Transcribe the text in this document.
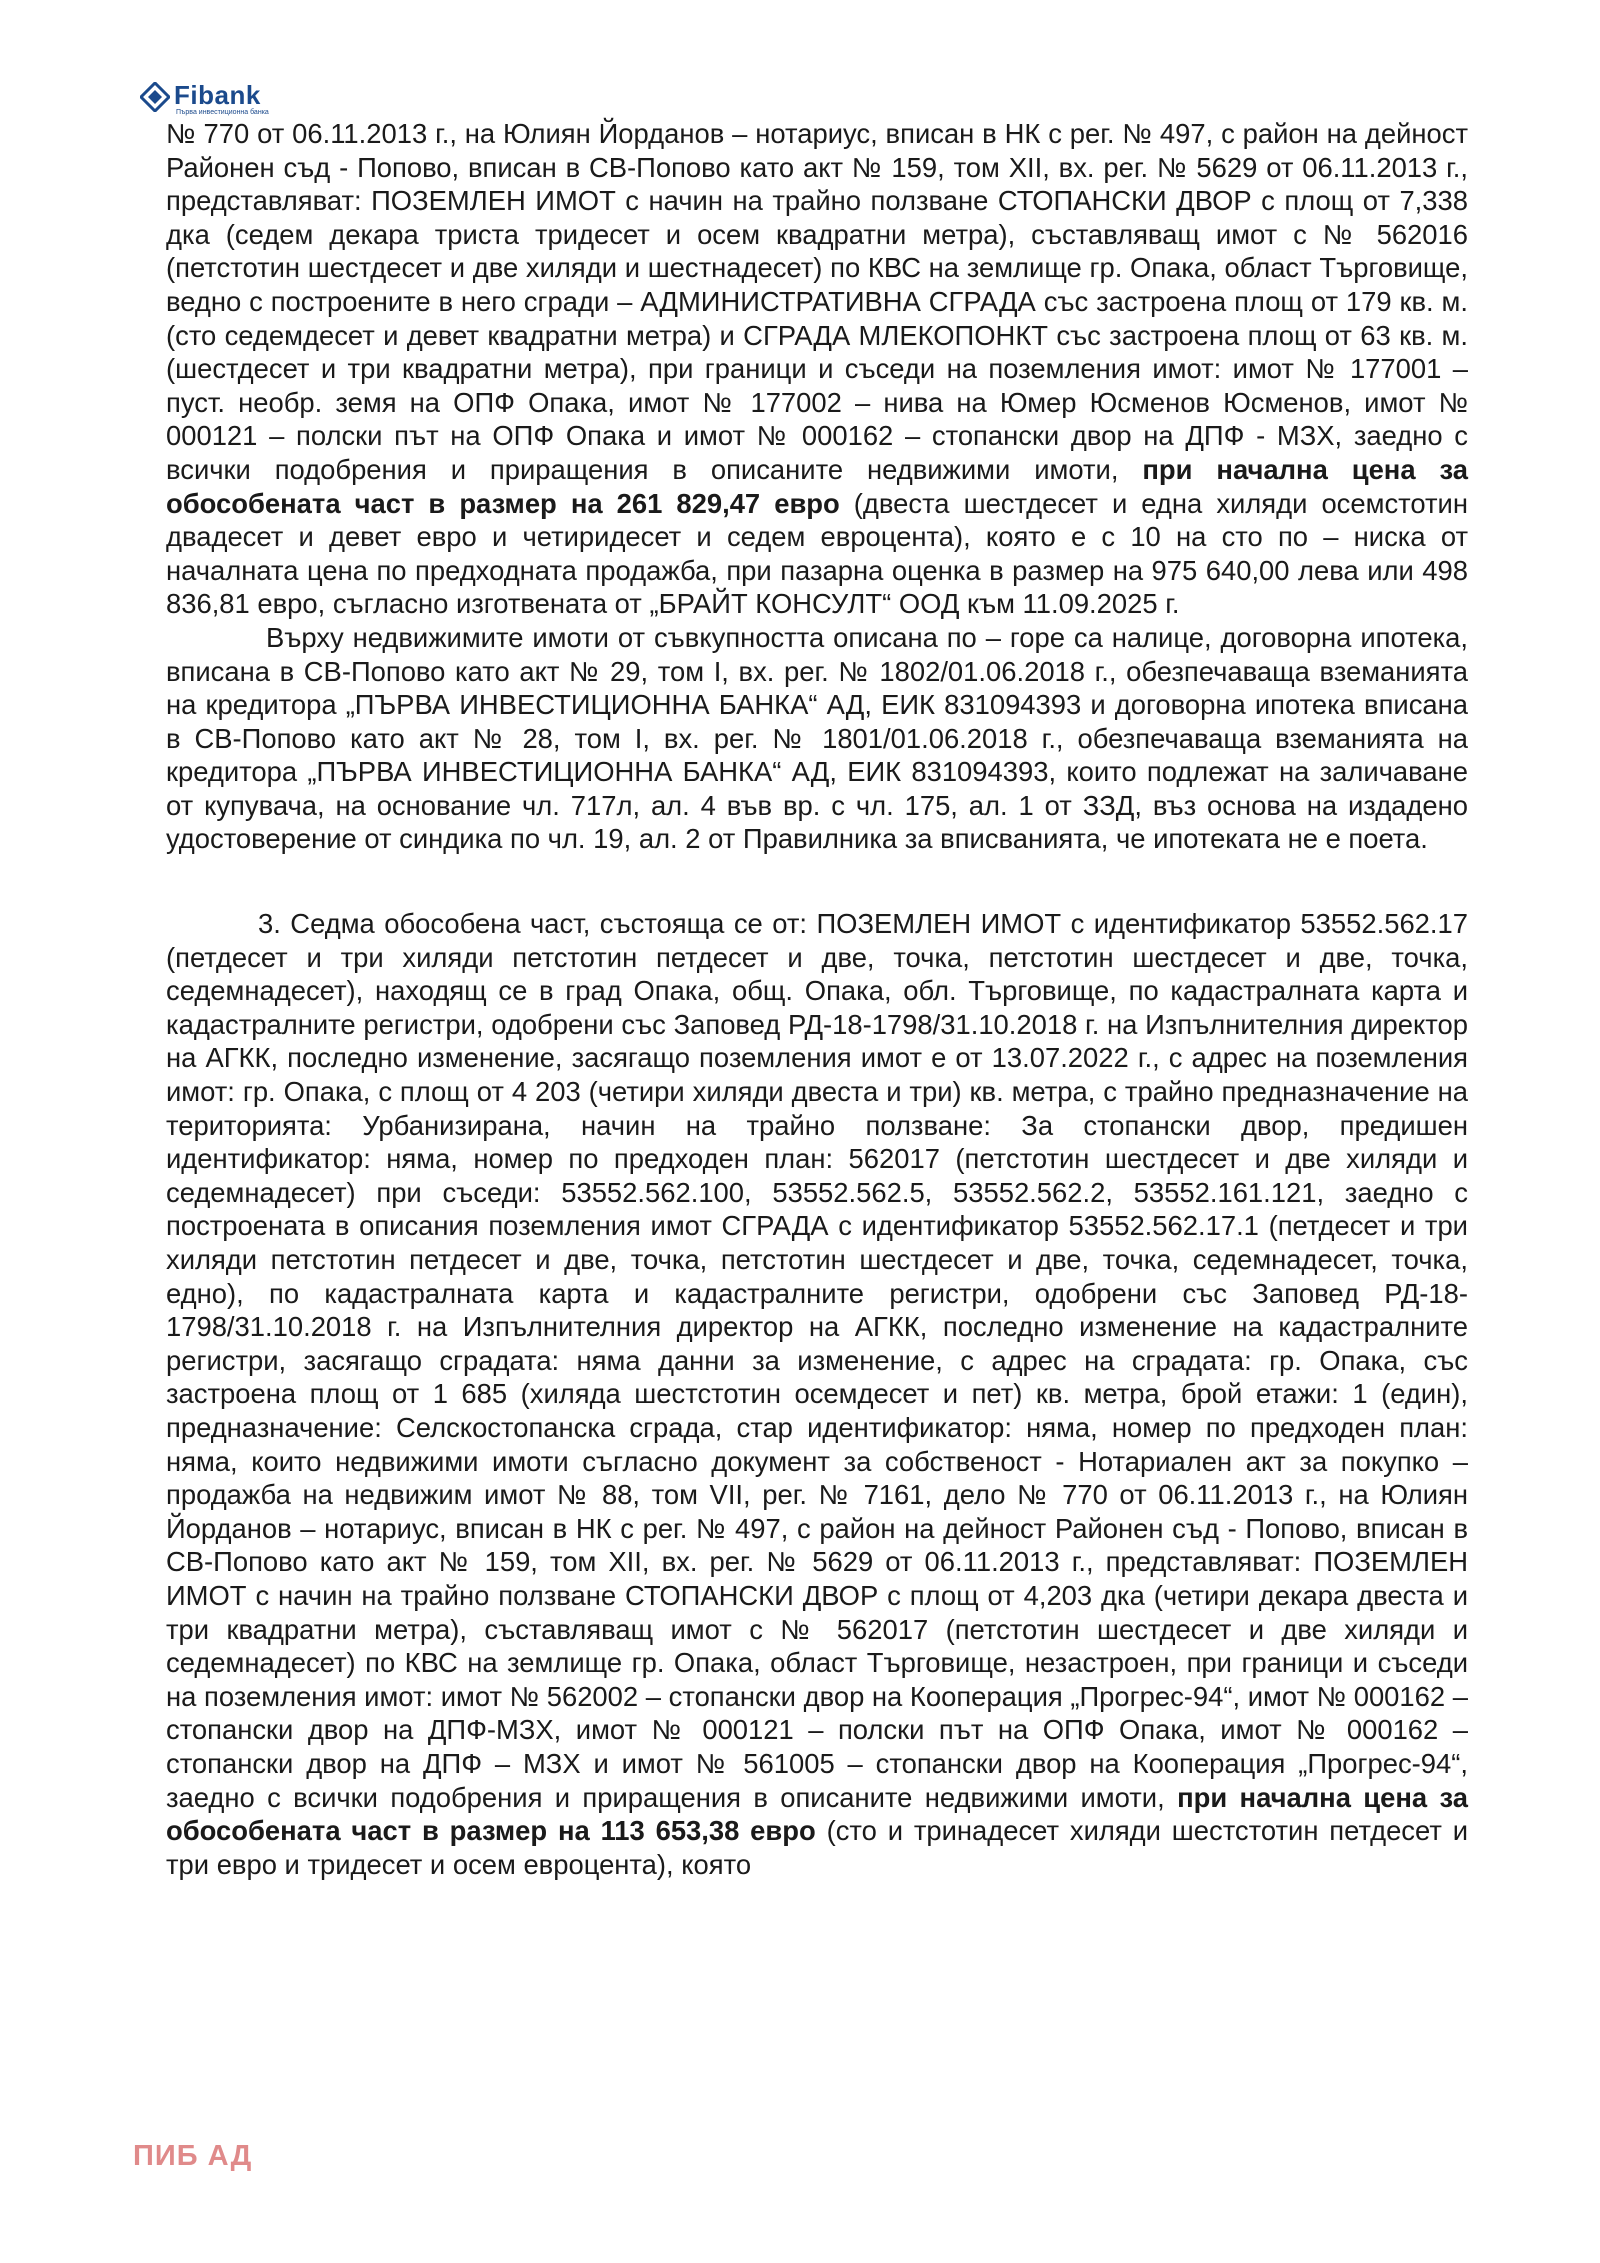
Fibank
Първа инвестиционна банка

№ 770 от 06.11.2013 г., на Юлиян Йорданов – нотариус, вписан в НК с рег. № 497, с район на дейност Районен съд - Попово, вписан в СВ-Попово като акт № 159, том XII, вх. рег. № 5629 от 06.11.2013 г., представляват: ПОЗЕМЛЕН ИМОТ с начин на трайно ползване СТОПАНСКИ ДВОР с площ от 7,338 дка (седем декара триста тридесет и осем квадратни метра), съставляващ имот с № 562016 (петстотин шестдесет и две хиляди и шестнадесет) по КВС на землище гр. Опака, област Търговище, ведно с построените в него сгради – АДМИНИСТРАТИВНА СГРАДА със застроена площ от 179 кв. м. (сто седемдесет и девет квадратни метра) и СГРАДА МЛЕКОПОНКТ със застроена площ от 63 кв. м. (шестдесет и три квадратни метра), при граници и съседи на поземления имот: имот № 177001 – пуст. необр. земя на ОПФ Опака, имот № 177002 – нива на Юмер Юсменов Юсменов, имот № 000121 – полски път на ОПФ Опака и имот № 000162 – стопански двор на ДПФ - МЗХ, заедно с всички подобрения и приращения в описаните недвижими имоти, при начална цена за обособената част в размер на 261 829,47 евро (двеста шестдесет и една хиляди осемстотин двадесет и девет евро и четиридесет и седем евроцента), която е с 10 на сто по – ниска от началната цена по предходната продажба, при пазарна оценка в размер на 975 640,00 лева или 498 836,81 евро, съгласно изготвената от „БРАЙТ КОНСУЛТ“ ООД към 11.09.2025 г.

Върху недвижимите имоти от съвкупността описана по – горе са налице, договорна ипотека, вписана в СВ-Попово като акт № 29, том I, вх. рег. № 1802/01.06.2018 г., обезпечаваща вземанията на кредитора „ПЪРВА ИНВЕСТИЦИОННА БАНКА“ АД, ЕИК 831094393 и договорна ипотека вписана в СВ-Попово като акт № 28, том I, вх. рег. № 1801/01.06.2018 г., обезпечаваща вземанията на кредитора „ПЪРВА ИНВЕСТИЦИОННА БАНКА“ АД, ЕИК 831094393, които подлежат на заличаване от купувача, на основание чл. 717л, ал. 4 във вр. с чл. 175, ал. 1 от ЗЗД, въз основа на издадено удостоверение от синдика по чл. 19, ал. 2 от Правилника за вписванията, че ипотеката не е поета.

3. Седма обособена част, състояща се от: ПОЗЕМЛЕН ИМОТ с идентификатор 53552.562.17 (петдесет и три хиляди петстотин петдесет и две, точка, петстотин шестдесет и две, точка, седемнадесет), находящ се в град Опака, общ. Опака, обл. Търговище, по кадастралната карта и кадастралните регистри, одобрени със Заповед РД-18-1798/31.10.2018 г. на Изпълнителния директор на АГКК, последно изменение, засягащо поземления имот е от 13.07.2022 г., с адрес на поземления имот: гр. Опака, с площ от 4 203 (четири хиляди двеста и три) кв. метра, с трайно предназначение на територията: Урбанизирана, начин на трайно ползване: За стопански двор, предишен идентификатор: няма, номер по предходен план: 562017 (петстотин шестдесет и две хиляди и седемнадесет) при съседи: 53552.562.100, 53552.562.5, 53552.562.2, 53552.161.121, заедно с построената в описания поземления имот СГРАДА с идентификатор 53552.562.17.1 (петдесет и три хиляди петстотин петдесет и две, точка, петстотин шестдесет и две, точка, седемнадесет, точка, едно), по кадастралната карта и кадастралните регистри, одобрени със Заповед РД-18-1798/31.10.2018 г. на Изпълнителния директор на АГКК, последно изменение на кадастралните регистри, засягащо сградата: няма данни за изменение, с адрес на сградата: гр. Опака, със застроена площ от 1 685 (хиляда шестстотин осемдесет и пет) кв. метра, брой етажи: 1 (един), предназначение: Селскостопанска сграда, стар идентификатор: няма, номер по предходен план: няма, които недвижими имоти съгласно документ за собственост - Нотариален акт за покупко – продажба на недвижим имот № 88, том VII, рег. № 7161, дело № 770 от 06.11.2013 г., на Юлиян Йорданов – нотариус, вписан в НК с рег. № 497, с район на дейност Районен съд - Попово, вписан в СВ-Попово като акт № 159, том XII, вх. рег. № 5629 от 06.11.2013 г., представляват: ПОЗЕМЛЕН ИМОТ с начин на трайно ползване СТОПАНСКИ ДВОР с площ от 4,203 дка (четири декара двеста и три квадратни метра), съставляващ имот с № 562017 (петстотин шестдесет и две хиляди и седемнадесет) по КВС на землище гр. Опака, област Търговище, незастроен, при граници и съседи на поземления имот: имот № 562002 – стопански двор на Кооперация „Прогрес-94“, имот № 000162 – стопански двор на ДПФ-МЗХ, имот № 000121 – полски път на ОПФ Опака, имот № 000162 – стопански двор на ДПФ – МЗХ и имот № 561005 – стопански двор на Кооперация „Прогрес-94“, заедно с всички подобрения и приращения в описаните недвижими имоти, при начална цена за обособената част в размер на 113 653,38 евро (сто и тринадесет хиляди шестстотин петдесет и три евро и тридесет и осем евроцента), която

ПИБ АД
